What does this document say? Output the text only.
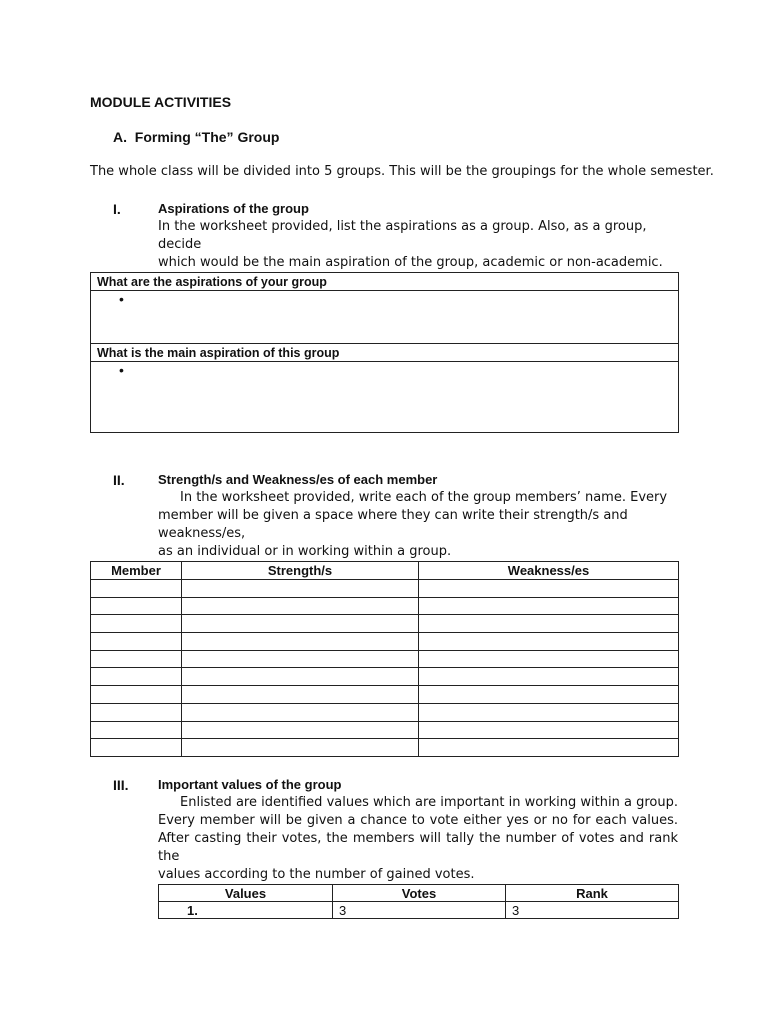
MODULE ACTIVITIES
A. Forming “The” Group
The whole class will be divided into 5 groups. This will be the groupings for the whole semester.
I.	Aspirations of the group
In the worksheet provided, list the aspirations as a group. Also, as a group, decide
which would be the main aspiration of the group, academic or non-academic.
What are the aspirations of your group
•
What is the main aspiration of this group
•
II.	Strength/s and Weakness/es of each member
In the worksheet provided, write each of the group members’ name. Every
member will be given a space where they can write their strength/s and weakness/es,
as an individual or in working within a group.
Member	Strength/s	Weakness/es

III. Important values of the group
Enlisted are identified values which are important in working within a group.
Every member will be given a chance to vote either yes or no for each values.
After casting their votes, the members will tally the number of votes and rank the
values according to the number of gained votes.
Values	Votes	Rank
1.	3	3
